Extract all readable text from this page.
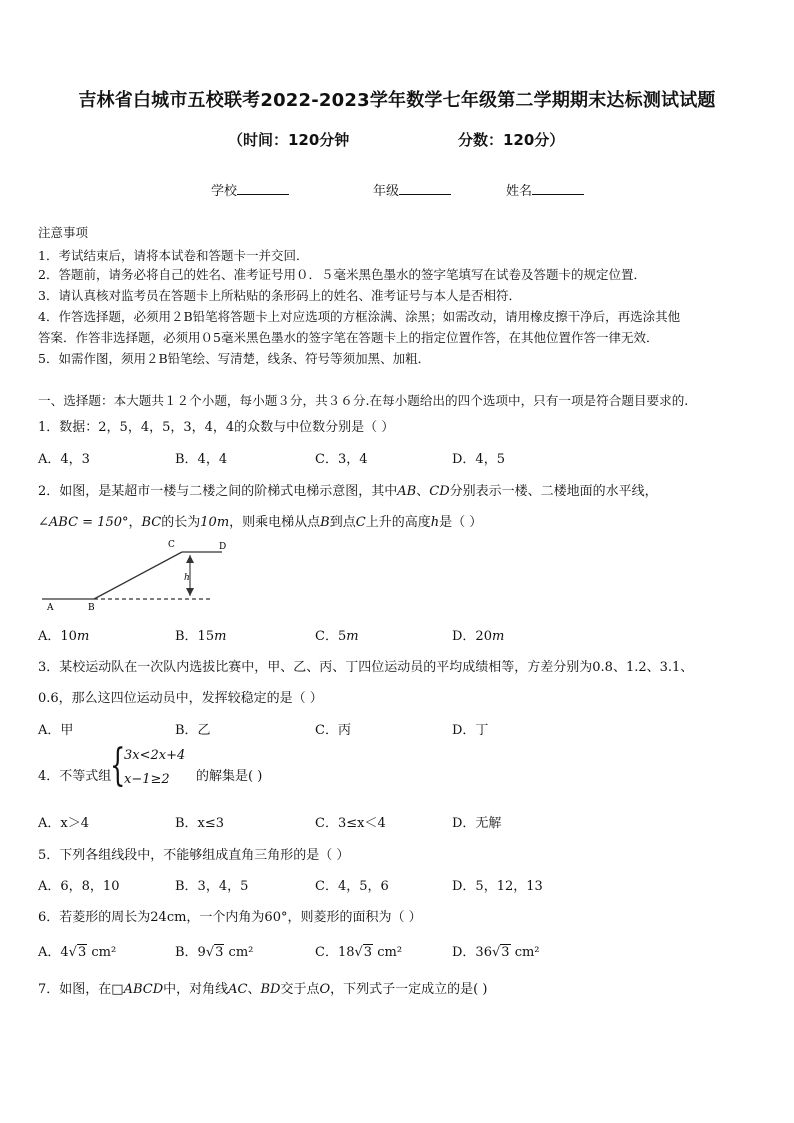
吉林省白城市五校联考2022-2023学年数学七年级第二学期期末达标测试试题
（时间：120分钟	分数：120分）
学校	年级	姓名
注意事项
1．考试结束后，请将本试卷和答题卡一并交回．
2．答题前，请务必将自己的姓名、准考证号用０．５毫米黑色墨水的签字笔填写在试卷及答题卡的规定位置．
3．请认真核对监考员在答题卡上所粘贴的条形码上的姓名、准考证号与本人是否相符．
4．作答选择题，必须用２B铅笔将答题卡上对应选项的方框涂满、涂黑；如需改动，请用橡皮擦干净后，再选涂其他
答案．作答非选择题，必须用０5毫米黑色墨水的签字笔在答题卡上的指定位置作答，在其他位置作答一律无效．
5．如需作图，须用２B铅笔绘、写清楚，线条、符号等须加黑、加粗．
一、选择题：本大题共１２个小题，每小题３分，共３６分.在每小题给出的四个选项中，只有一项是符合题目要求的.
1．数据：2，5，4，5，3，4，4的众数与中位数分别是（ ）
A．4，3	B．4，4	C．3，4	D．4，5
2．如图，是某超市一楼与二楼之间的阶梯式电梯示意图，其中AB、CD分别表示一楼、二楼地面的水平线，
∠ABC = 150°，BC的长为10m，则乘电梯从点B到点C上升的高度h是（ ）
A	B
C	D
h
A．10m	B．15m	C．5m	D．20m
3．某校运动队在一次队内选拔比赛中，甲、乙、丙、丁四位运动员的平均成绩相等，方差分别为0.8、1.2、3.1、
0.6，那么这四位运动员中，发挥较稳定的是（ ）
A．甲	B．乙	C．丙	D．丁
4．不等式组
{
3x<2x+4
x−1≥2 的解集是( )
A．x＞4	B．x≤3	C．3≤x＜4	D．无解
5．下列各组线段中，不能够组成直角三角形的是（ ）
A．6，8，10	B．3，4，5	C．4，5，6	D．5，12，13
6．若菱形的周长为24cm，一个内角为60°，则菱形的面积为（ ）
A．4√3 cm²	B．9√3 cm²	C．18√3 cm²	D．36√3 cm²
7．如图，在□ABCD中，对角线AC、BD交于点O，下列式子一定成立的是( )
